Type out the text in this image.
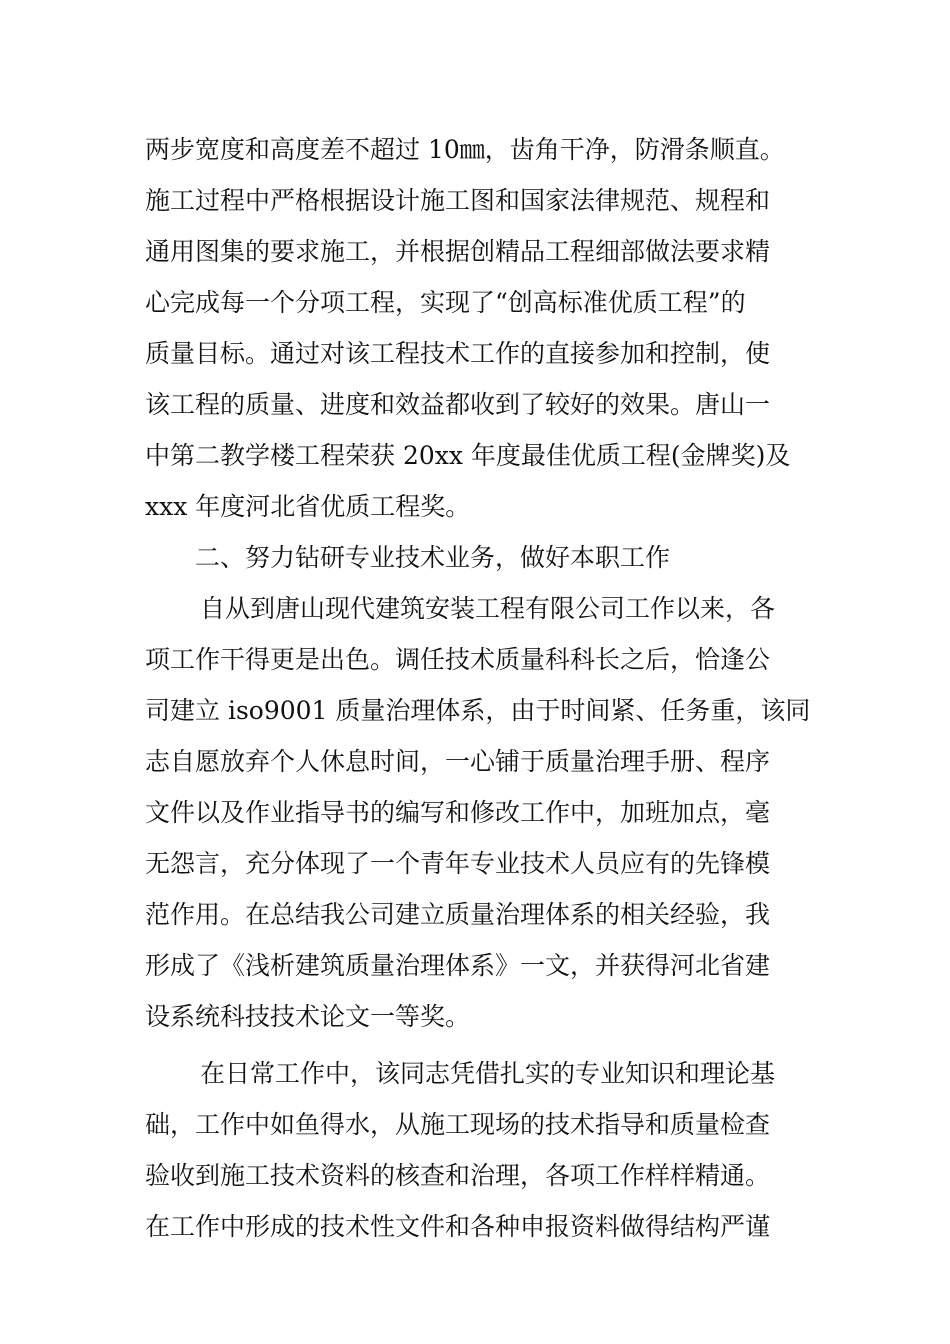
两步宽度和高度差不超过 10㎜，齿角干净，防滑条顺直。
施工过程中严格根据设计施工图和国家法律规范、规程和
通用图集的要求施工，并根据创精品工程细部做法要求精
心完成每一个分项工程，实现了“创高标准优质工程”的
质量目标。通过对该工程技术工作的直接参加和控制，使
该工程的质量、进度和效益都收到了较好的效果。唐山一
中第二教学楼工程荣获 20xx 年度最佳优质工程(金牌奖)及
xxx 年度河北省优质工程奖。
二、努力钻研专业技术业务，做好本职工作
自从到唐山现代建筑安装工程有限公司工作以来，各
项工作干得更是出色。调任技术质量科科长之后，恰逢公
司建立 iso9001 质量治理体系，由于时间紧、任务重，该同
志自愿放弃个人休息时间，一心铺于质量治理手册、程序
文件以及作业指导书的编写和修改工作中，加班加点，毫
无怨言，充分体现了一个青年专业技术人员应有的先锋模
范作用。在总结我公司建立质量治理体系的相关经验，我
形成了《浅析建筑质量治理体系》一文，并获得河北省建
设系统科技技术论文一等奖。
在日常工作中，该同志凭借扎实的专业知识和理论基
础，工作中如鱼得水，从施工现场的技术指导和质量检查
验收到施工技术资料的核查和治理，各项工作样样精通。
在工作中形成的技术性文件和各种申报资料做得结构严谨
